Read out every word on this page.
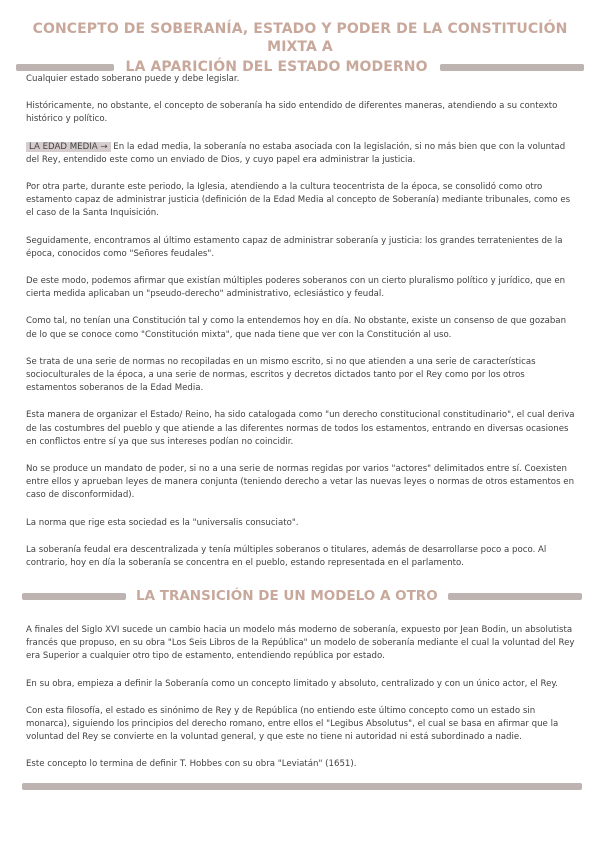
CONCEPTO DE SOBERANÍA, ESTADO Y PODER DE LA CONSTITUCIÓN MIXTA A
LA APARICIÓN DEL ESTADO MODERNO

Cualquier estado soberano puede y debe legislar.

Históricamente, no obstante, el concepto de soberanía ha sido entendido de diferentes maneras, atendiendo a su contexto histórico y político.

LA EDAD MEDIA → En la edad media, la soberanía no estaba asociada con la legislación, si no más bien que con la voluntad del Rey, entendido este como un enviado de Dios, y cuyo papel era administrar la justicia.

Por otra parte, durante este periodo, la Iglesia, atendiendo a la cultura teocentrista de la época, se consolidó como otro estamento capaz de administrar justicia (definición de la Edad Media al concepto de Soberanía) mediante tribunales, como es el caso de la Santa Inquisición.

Seguidamente, encontramos al último estamento capaz de administrar soberanía y justicia: los grandes terratenientes de la época, conocidos como "Señores feudales".

De este modo, podemos afirmar que existían múltiples poderes soberanos con un cierto pluralismo político y jurídico, que en cierta medida aplicaban un "pseudo-derecho" administrativo, eclesiástico y feudal.

Como tal, no tenían una Constitución tal y como la entendemos hoy en día. No obstante, existe un consenso de que gozaban de lo que se conoce como "Constitución mixta", que nada tiene que ver con la Constitución al uso.

Se trata de una serie de normas no recopiladas en un mismo escrito, si no que atienden a una serie de características socioculturales de la época, a una serie de normas, escritos y decretos dictados tanto por el Rey como por los otros estamentos soberanos de la Edad Media.

Esta manera de organizar el Estado/ Reino, ha sido catalogada como "un derecho constitucional constitudinario", el cual deriva de las costumbres del pueblo y que atiende a las diferentes normas de todos los estamentos, entrando en diversas ocasiones en conflictos entre sí ya que sus intereses podían no coincidir.

No se produce un mandato de poder, si no a una serie de normas regidas por varios "actores" delimitados entre sí. Coexisten entre ellos y aprueban leyes de manera conjunta (teniendo derecho a vetar las nuevas leyes o normas de otros estamentos en caso de disconformidad).

La norma que rige esta sociedad es la "universalis consuciato".

La soberanía feudal era descentralizada y tenía múltiples soberanos o titulares, además de desarrollarse poco a poco. Al contrario, hoy en día la soberanía se concentra en el pueblo, estando representada en el parlamento.

LA TRANSICIÓN DE UN MODELO A OTRO

A finales del Siglo XVI sucede un cambio hacia un modelo más moderno de soberanía, expuesto por Jean Bodin, un absolutista francés que propuso, en su obra "Los Seis Libros de la República" un modelo de soberanía mediante el cual la voluntad del Rey era Superior a cualquier otro tipo de estamento, entendiendo república por estado.

En su obra, empieza a definir la Soberanía como un concepto limitado y absoluto, centralizado y con un único actor, el Rey.

Con esta filosofía, el estado es sinónimo de Rey y de República (no entiendo este último concepto como un estado sin monarca), siguiendo los principios del derecho romano, entre ellos el "Legibus Absolutus", el cual se basa en afirmar que la voluntad del Rey se convierte en la voluntad general, y que este no tiene ni autoridad ni está subordinado a nadie.

Este concepto lo termina de definir T. Hobbes con su obra "Leviatán" (1651).
